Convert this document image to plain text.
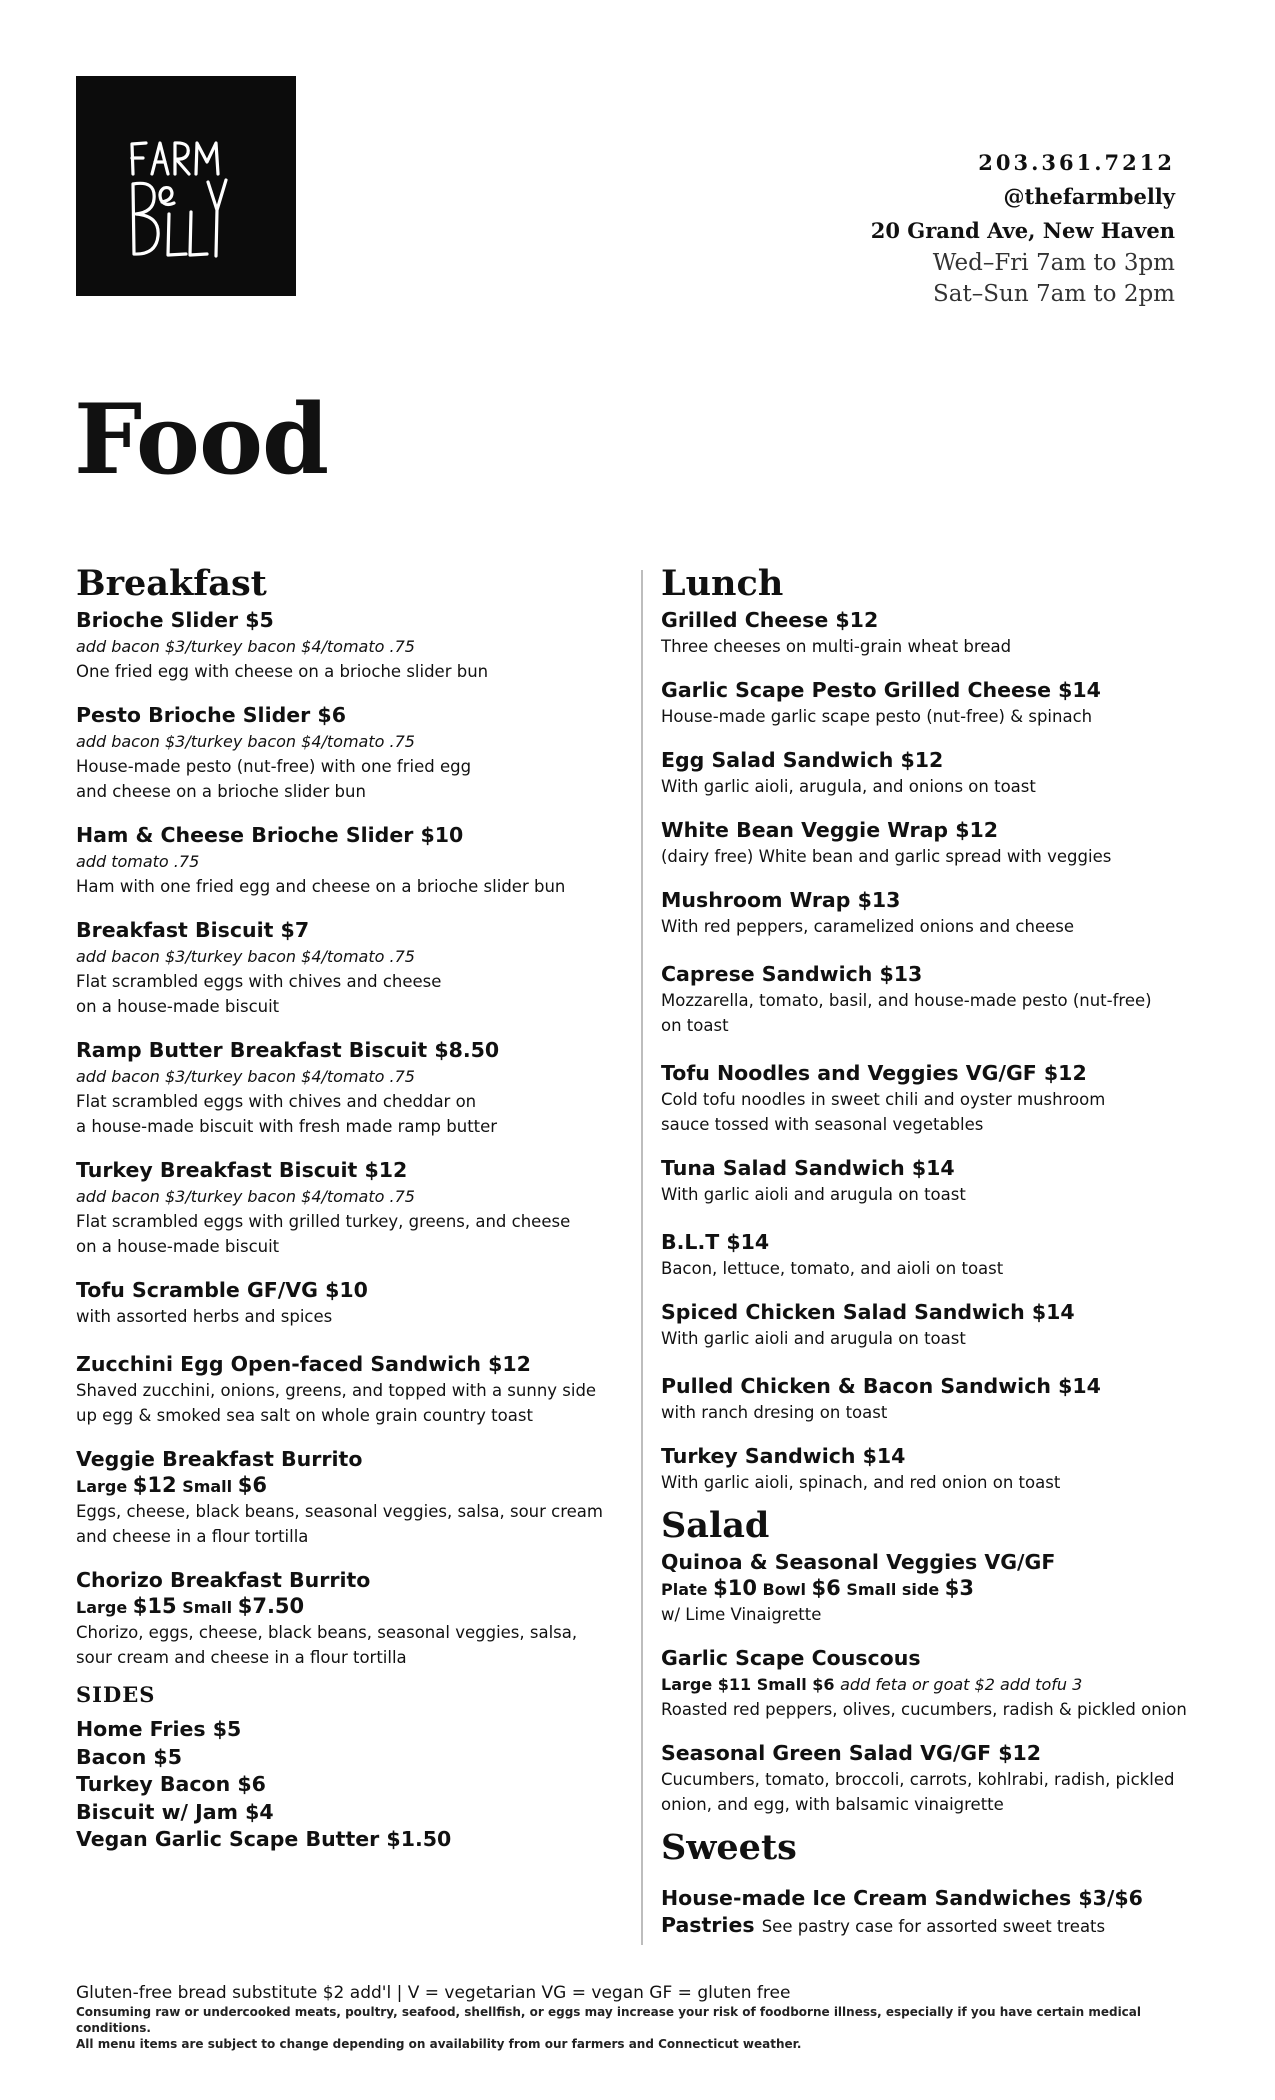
203.361.7212
@thefarmbelly
20 Grand Ave, New Haven
Wed–Fri 7am to 3pm
Sat–Sun 7am to 2pm
Food
Breakfast
Brioche Slider $5
add bacon $3/turkey bacon $4/tomato .75
One fried egg with cheese on a brioche slider bun
Pesto Brioche Slider $6
add bacon $3/turkey bacon $4/tomato .75
House-made pesto (nut-free) with one fried egg
and cheese on a brioche slider bun
Ham & Cheese Brioche Slider $10
add tomato .75
Ham with one fried egg and cheese on a brioche slider bun
Breakfast Biscuit $7
add bacon $3/turkey bacon $4/tomato .75
Flat scrambled eggs with chives and cheese
on a house-made biscuit
Ramp Butter Breakfast Biscuit $8.50
add bacon $3/turkey bacon $4/tomato .75
Flat scrambled eggs with chives and cheddar on
a house-made biscuit with fresh made ramp butter
Turkey Breakfast Biscuit $12
add bacon $3/turkey bacon $4/tomato .75
Flat scrambled eggs with grilled turkey, greens, and cheese
on a house-made biscuit
Tofu Scramble GF/VG $10
with assorted herbs and spices
Zucchini Egg Open-faced Sandwich $12
Shaved zucchini, onions, greens, and topped with a sunny side
up egg & smoked sea salt on whole grain country toast
Veggie Breakfast Burrito
Large $12 Small $6
Eggs, cheese, black beans, seasonal veggies, salsa, sour cream
and cheese in a flour tortilla
Chorizo Breakfast Burrito
Large $15 Small $7.50
Chorizo, eggs, cheese, black beans, seasonal veggies, salsa,
sour cream and cheese in a flour tortilla
SIDES
Home Fries $5
Bacon $5
Turkey Bacon $6
Biscuit w/ Jam $4
Vegan Garlic Scape Butter $1.50
Lunch
Grilled Cheese $12
Three cheeses on multi-grain wheat bread
Garlic Scape Pesto Grilled Cheese $14
House-made garlic scape pesto (nut-free) & spinach
Egg Salad Sandwich $12
With garlic aioli, arugula, and onions on toast
White Bean Veggie Wrap $12
(dairy free) White bean and garlic spread with veggies
Mushroom Wrap $13
With red peppers, caramelized onions and cheese
Caprese Sandwich $13
Mozzarella, tomato, basil, and house-made pesto (nut-free)
on toast
Tofu Noodles and Veggies VG/GF $12
Cold tofu noodles in sweet chili and oyster mushroom
sauce tossed with seasonal vegetables
Tuna Salad Sandwich $14
With garlic aioli and arugula on toast
B.L.T $14
Bacon, lettuce, tomato, and aioli on toast
Spiced Chicken Salad Sandwich $14
With garlic aioli and arugula on toast
Pulled Chicken & Bacon Sandwich $14
with ranch dresing on toast
Turkey Sandwich $14
With garlic aioli, spinach, and red onion on toast
Salad
Quinoa & Seasonal Veggies VG/GF
Plate $10 Bowl $6 Small side $3
w/ Lime Vinaigrette
Garlic Scape Couscous
Large $11 Small $6 add feta or goat $2 add tofu 3
Roasted red peppers, olives, cucumbers, radish & pickled onion
Seasonal Green Salad VG/GF $12
Cucumbers, tomato, broccoli, carrots, kohlrabi, radish, pickled
onion, and egg, with balsamic vinaigrette
Sweets
House-made Ice Cream Sandwiches $3/$6
Pastries See pastry case for assorted sweet treats
Gluten-free bread substitute $2 add'l | V = vegetarian VG = vegan GF = gluten free
Consuming raw or undercooked meats, poultry, seafood, shellfish, or eggs may increase your risk of foodborne illness, especially if you have certain medical conditions.
All menu items are subject to change depending on availability from our farmers and Connecticut weather.
